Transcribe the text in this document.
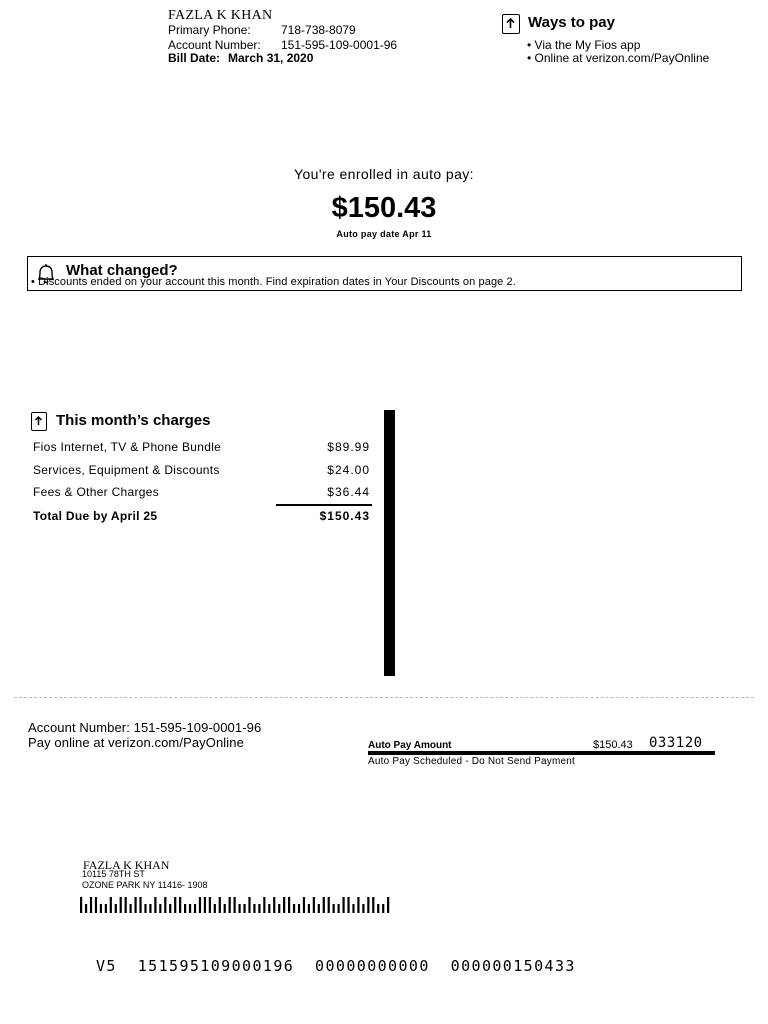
FAZLA K KHAN
Primary Phone:	718-738-8079
Account Number: 151-595-109-0001-96
Bill Date: March 31, 2020
Ways to pay
• Via the My Fios app
• Online at verizon.com/PayOnline
You're enrolled in auto pay:
$150.43
Auto pay date Apr 11
What changed?
• Discounts ended on your account this month. Find expiration dates in Your Discounts on page 2.
This month’s charges
Fios Internet, TV & Phone Bundle	$89.99
Services, Equipment & Discounts	$24.00
Fees & Other Charges	$36.44
Total Due by April 25	$150.43
Account Number: 151-595-109-0001-96
Pay online at verizon.com/PayOnline	Auto Pay Amount	$150.43 033120
Auto Pay Scheduled - Do Not Send Payment
FAZLA K KHAN
10115 78TH ST
OZONE PARK NY 11416- 1908
V5  151595109000196  00000000000  000000150433
